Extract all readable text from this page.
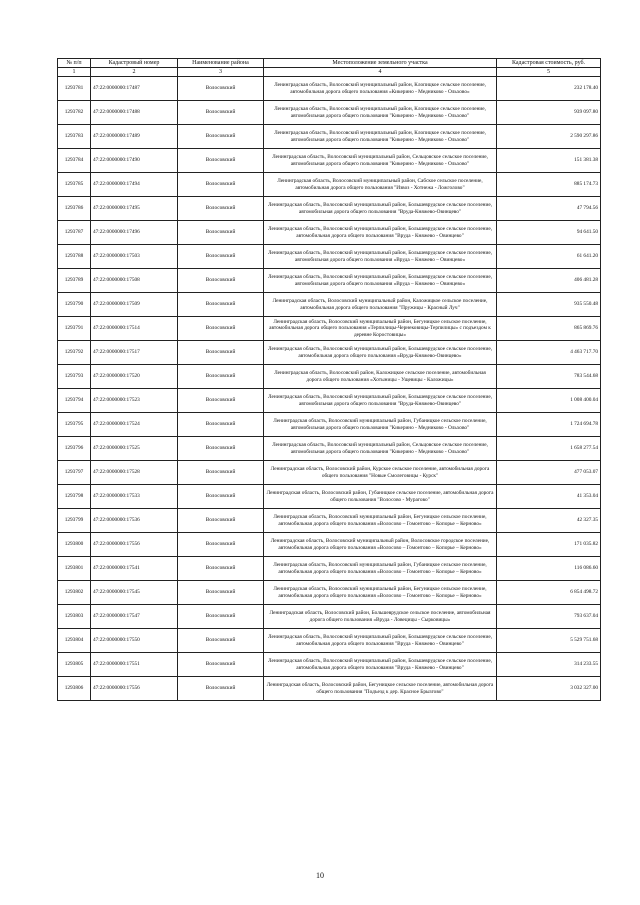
№ п/п	Кадастровый номер	Наименование района	Местоположение земельного участка	Кадастровая стоимость, руб.
1	2	3	4	5
1293781	47:22:0000000:17487	Волосовский	Ленинградская область, Волосовский муниципальный район, Клопицкое сельское поселение, автомобильная дорога общего пользования «Кикерино - Медниково - Ольхово»	232 178.40
1293782	47:22:0000000:17488	Волосовский	Ленинградская область, Волосовский муниципальный район, Клопицкое сельское поселение, автомобильная дорога общего пользования "Кикерино - Медниково - Ольхово"	939 097.80
1293783	47:22:0000000:17489	Волосовский	Ленинградская область, Волосовский муниципальный район, Клопицкое сельское поселение, автомобильная дорога общего пользования "Кикерино - Медниково - Ольхово"	2 590 297.86
1293784	47:22:0000000:17490	Волосовский	Ленинградская область, Волосовский муниципальный район, Сельцовское сельское поселение, автомобильная дорога общего пользования "Кикерино - Медниково - Ольхово"	151 381.38
1293785	47:22:0000000:17494	Волосовский	Ленинградская область, Волосовский муниципальный район, Сабское сельское поселение, автомобильная дорога общего пользования "Извоз - Хотнежа - Ложголово"	885 174.73
1293786	47:22:0000000:17495	Волосовский	Ленинградская область, Волосовский муниципальный район, Большеврудское сельское поселение, автомобильная дорога общего пользования "Вруда-Княжево-Овинцево"	47 794.56
1293787	47:22:0000000:17496	Волосовский	Ленинградская область, Волосовский муниципальный район, Большеврудское сельское поселение, автомобильная дорога общего пользования "Вруда - Княжево - Овинцево"	94 641.50
1293788	47:22:0000000:17503	Волосовский	Ленинградская область, Волосовский муниципальный район, Большеврудское сельское поселение, автомобильная дорога общего пользования «Вруда – Княжево – Овинцево»	61 641.20
1293789	47:22:0000000:17508	Волосовский	Ленинградская область, Волосовский муниципальный район, Большеврудское сельское поселение, автомобильная дорога общего пользования «Вруда – Княжево – Овинцево»	406 481.28
1293790	47:22:0000000:17509	Волосовский	Ленинградская область, Волосовский муниципальный район, Каложицкое сельское поселение, автомобильная дорога общего пользования "Пружицы - Красный Луч"	935 550.48
1293791	47:22:0000000:17514	Волосовский	Ленинградская область, Волосовский муниципальный район, Бегуницкое сельское поселение, автомобильная дорога общего пользования «Терпилицы-Чернековицы-Терпилицы» с подъездом к деревне Коростовицы»	865 869.76
1293792	47:22:0000000:17517	Волосовский	Ленинградская область, Волосовский муниципальный район, Большеврудское сельское поселение, автомобильная дорога общего пользования «Вруда-Княжево-Овинцево»	4 463 717.70
1293793	47:22:0000000:17520	Волосовский	Ленинградская область, Волосовский район, Каложицкое сельское поселение, автомобильная дорога общего пользования «Хотыницы - Ущевицы - Каложицы»	783 544.68
1293794	47:22:0000000:17523	Волосовский	Ленинградская область, Волосовский муниципальный район, Большеврудское сельское поселение, автомобильная дорога общего пользования "Вруда-Княжево-Овинцево"	1 008 400.04
1293795	47:22:0000000:17524	Волосовский	Ленинградская область, Волосовский муниципальный район, Губаницкое сельское поселение, автомобильная дорога общего пользования "Кикерино - Медниково - Ольхово"	1 724 694.78
1293796	47:22:0000000:17525	Волосовский	Ленинградская область, Волосовский муниципальный район, Сельцовское сельское поселение, автомобильная дорога общего пользования "Кикерино - Медниково - Ольхово"	1 658 277.54
1293797	47:22:0000000:17528	Волосовский	Ленинградская область, Волосовский район, Курское сельское поселение, автомобильная дорога общего пользования "Новые Смолеговицы - Курск"	477 053.07
1293798	47:22:0000000:17533	Волосовский	Ленинградская область, Волосовский район, Губаницкое сельское поселение, автомобильная дорога общего пользования "Волосово - Мурагово"	41 353.04
1293799	47:22:0000000:17536	Волосовский	Ленинградская область, Волосовский муниципальный район, Бегуницкое сельское поселение, автомобильная дорога общего пользования «Волосово – Гомонтово – Копорье – Керново»	42 327.35
1293800	47:22:0000000:17556	Волосовский	Ленинградская область, Волосовский муниципальный район, Волосовское городское поселение, автомобильная дорога общего пользования «Волосово – Гомонтово – Копорье – Керново»	171 035.82
1293801	47:22:0000000:17541	Волосовский	Ленинградская область, Волосовский муниципальный район, Губаницкое сельское поселение, автомобильная дорога общего пользования «Волосово – Гомонтово – Копорье – Керново»	116 086.60
1293802	47:22:0000000:17545	Волосовский	Ленинградская область, Волосовский муниципальный район, Бегуницкое сельское поселение, автомобильная дорога общего пользования «Волосово – Гомонтово – Копорье – Керново»	6 854 498.72
1293803	47:22:0000000:17547	Волосовский	Ленинградская область, Волосовский район, Большеврудское сельское поселение, автомобильная дорога общего пользования «Вруда - Ловецицы - Сырковицы»	793 637.04
1293804	47:22:0000000:17550	Волосовский	Ленинградская область, Волосовский муниципальный район, Большеврудское сельское поселение, автомобильная дорога общего пользования "Вруда - Княжево - Овинцево"	5 529 751.68
1293805	47:22:0000000:17551	Волосовский	Ленинградская область, Волосовский муниципальный район, Большеврудское сельское поселение, автомобильная дорога общего пользования "Вруда - Княжево - Овинцево"	314 233.55
1293806	47:22:0000000:17556	Волосовский	Ленинградская область, Волосовский район, Бегуницкое сельское поселение, автомобильная дорога общего пользования "Подъезд к дер. Красное Брызгово"	3 032 327.00
10
